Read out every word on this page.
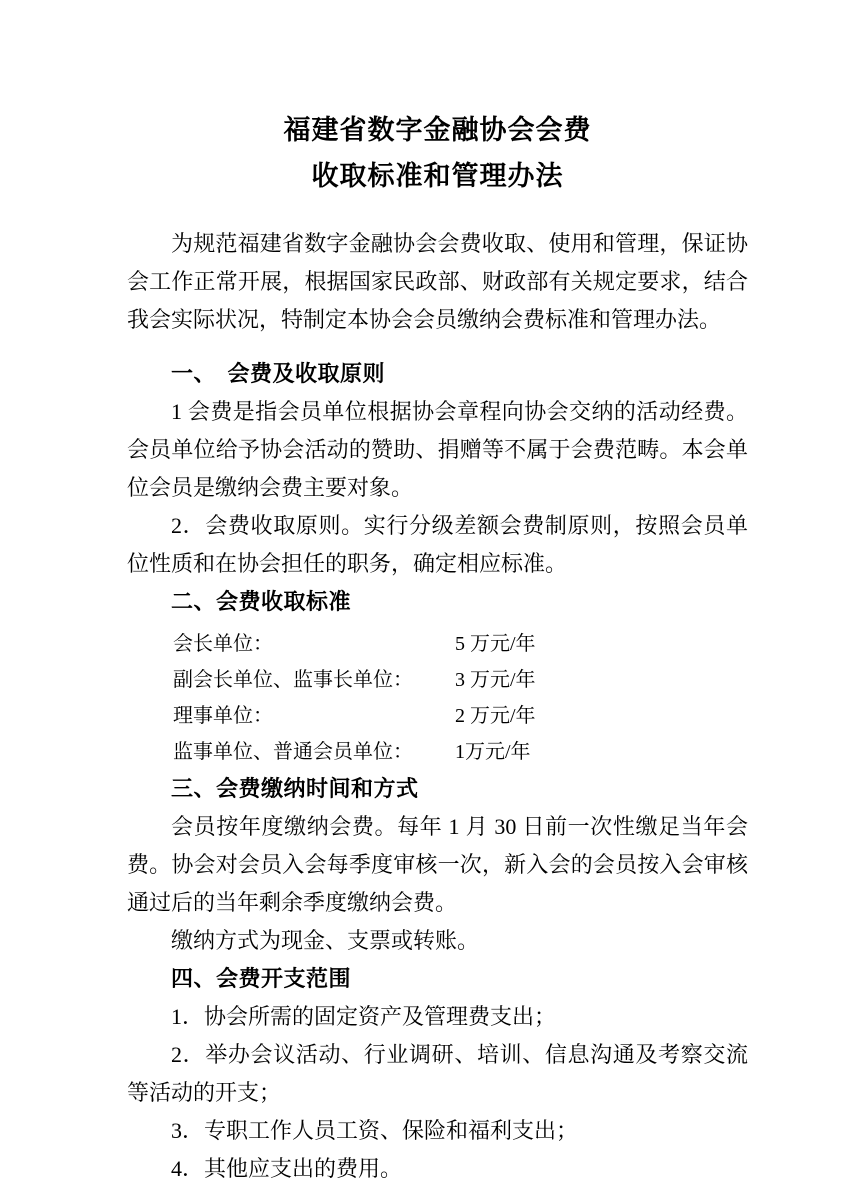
福建省数字金融协会会费
收取标准和管理办法

为规范福建省数字金融协会会费收取、使用和管理，保证协会工作正常开展，根据国家民政部、财政部有关规定要求，结合我会实际状况，特制定本协会会员缴纳会费标准和管理办法。

一、　会费及收取原则

1 会费是指会员单位根据协会章程向协会交纳的活动经费。会员单位给予协会活动的赞助、捐赠等不属于会费范畴。本会单位会员是缴纳会费主要对象。

2．会费收取原则。实行分级差额会费制原则，按照会员单位性质和在协会担任的职务，确定相应标准。

二、会费收取标准
会长单位：	5 万元/年
副会长单位、监事长单位：	3 万元/年
理事单位：	2 万元/年
监事单位、普通会员单位：	1万元/年
三、会费缴纳时间和方式

会员按年度缴纳会费。每年 1 月 30 日前一次性缴足当年会费。协会对会员入会每季度审核一次，新入会的会员按入会审核通过后的当年剩余季度缴纳会费。

缴纳方式为现金、支票或转账。

四、会费开支范围

1．协会所需的固定资产及管理费支出；

2．举办会议活动、行业调研、培训、信息沟通及考察交流等活动的开支；

3．专职工作人员工资、保险和福利支出；

4．其他应支出的费用。
